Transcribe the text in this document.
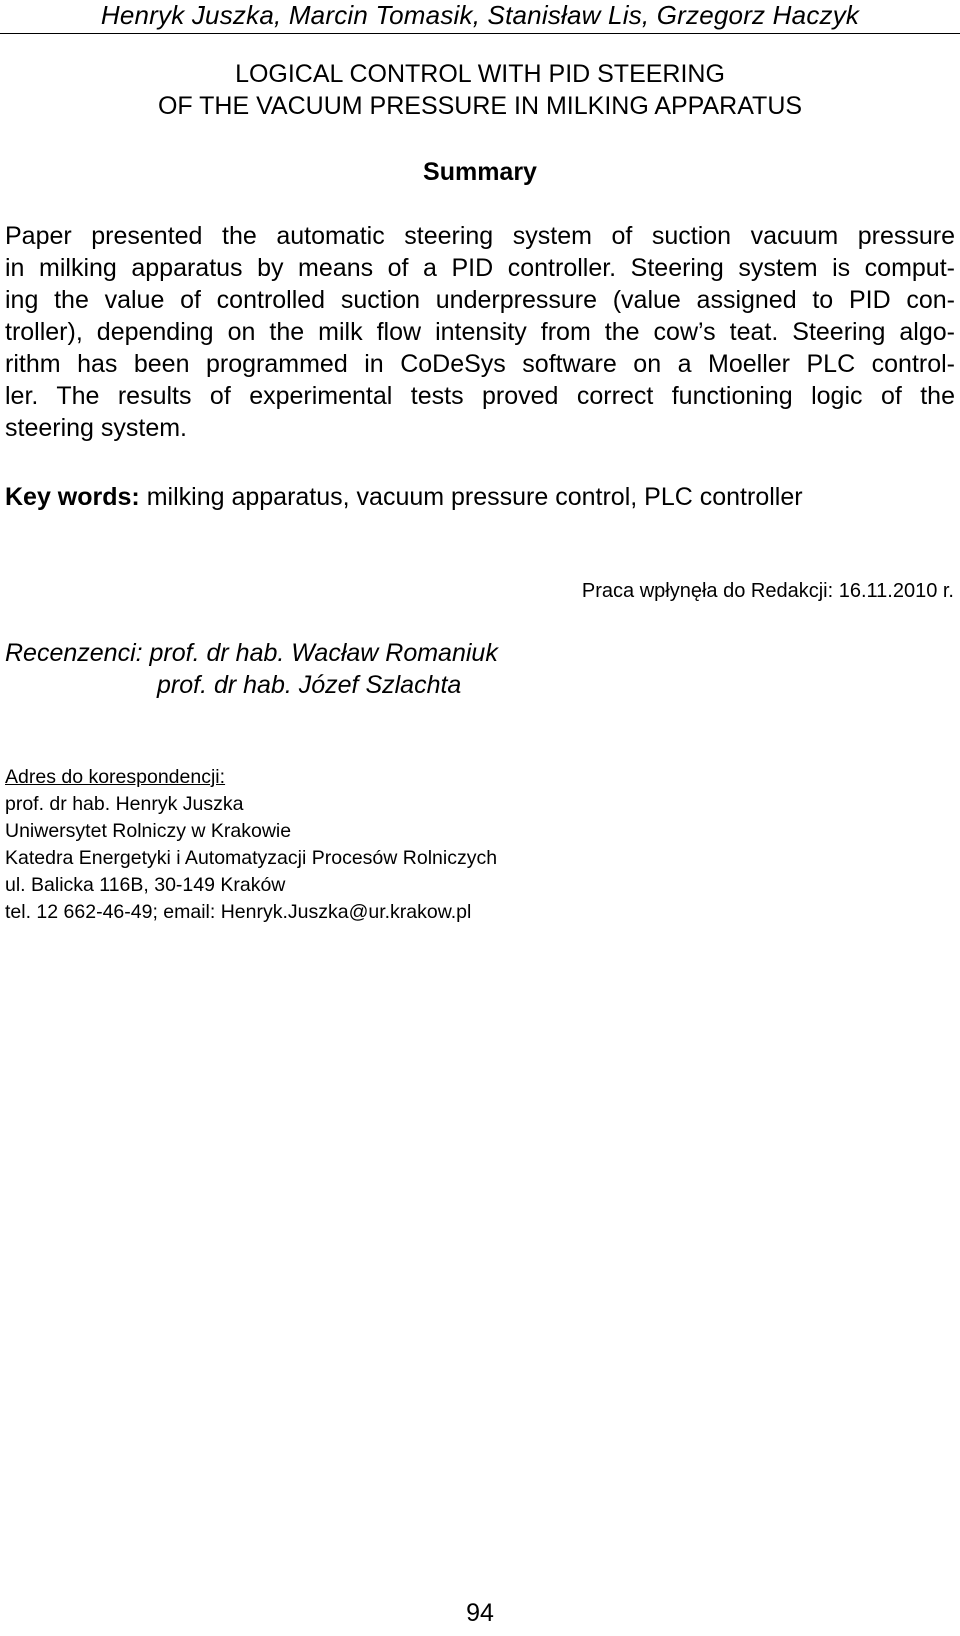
Henryk Juszka, Marcin Tomasik, Stanisław Lis, Grzegorz Haczyk
LOGICAL CONTROL WITH PID STEERING
OF THE VACUUM PRESSURE IN MILKING APPARATUS
Summary

Paper presented the automatic steering system of suction vacuum pressure
in milking apparatus by means of a PID controller. Steering system is comput-
ing the value of controlled suction underpressure (value assigned to PID con-
troller), depending on the milk flow intensity from the cow’s teat. Steering algo-
rithm has been programmed in CoDeSys software on a Moeller PLC control-
ler. The results of experimental tests proved correct functioning logic of the
steering system.

Key words: milking apparatus, vacuum pressure control, PLC controller
Praca wpłynęła do Redakcji: 16.11.2010 r.
Recenzenci: prof. dr hab. Wacław Romaniuk
prof. dr hab. Józef Szlachta
Adres do korespondencji:
prof. dr hab. Henryk Juszka
Uniwersytet Rolniczy w Krakowie
Katedra Energetyki i Automatyzacji Procesów Rolniczych
ul. Balicka 116B, 30-149 Kraków
tel. 12 662-46-49; email: Henryk.Juszka@ur.krakow.pl
94
